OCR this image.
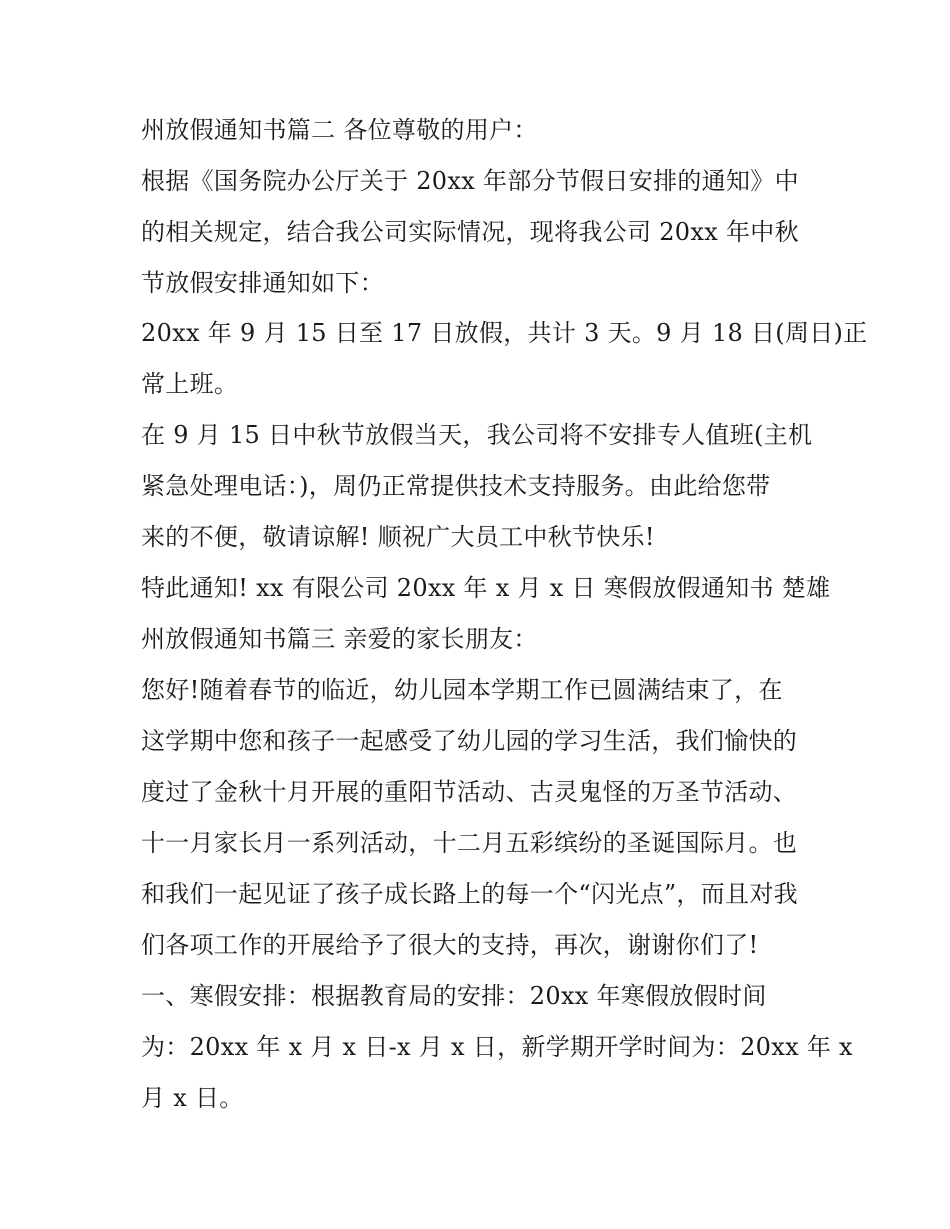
州放假通知书篇二 各位尊敬的用户：
根据《国务院办公厅关于 20xx 年部分节假日安排的通知》中
的相关规定，结合我公司实际情况，现将我公司 20xx 年中秋
节放假安排通知如下：
20xx 年 9 月 15 日至 17 日放假，共计 3 天。9 月 18 日(周日)正
常上班。
在 9 月 15 日中秋节放假当天，我公司将不安排专人值班(主机
紧急处理电话：)，周仍正常提供技术支持服务。由此给您带
来的不便，敬请谅解! 顺祝广大员工中秋节快乐!
特此通知! xx 有限公司 20xx 年 x 月 x 日 寒假放假通知书 楚雄
州放假通知书篇三 亲爱的家长朋友：
您好!随着春节的临近，幼儿园本学期工作已圆满结束了，在
这学期中您和孩子一起感受了幼儿园的学习生活，我们愉快的
度过了金秋十月开展的重阳节活动、古灵鬼怪的万圣节活动、
十一月家长月一系列活动，十二月五彩缤纷的圣诞国际月。也
和我们一起见证了孩子成长路上的每一个“闪光点”，而且对我
们各项工作的开展给予了很大的支持，再次，谢谢你们了!
一、寒假安排：根据教育局的安排：20xx 年寒假放假时间
为：20xx 年 x 月 x 日-x 月 x 日，新学期开学时间为：20xx 年 x
月 x 日。
